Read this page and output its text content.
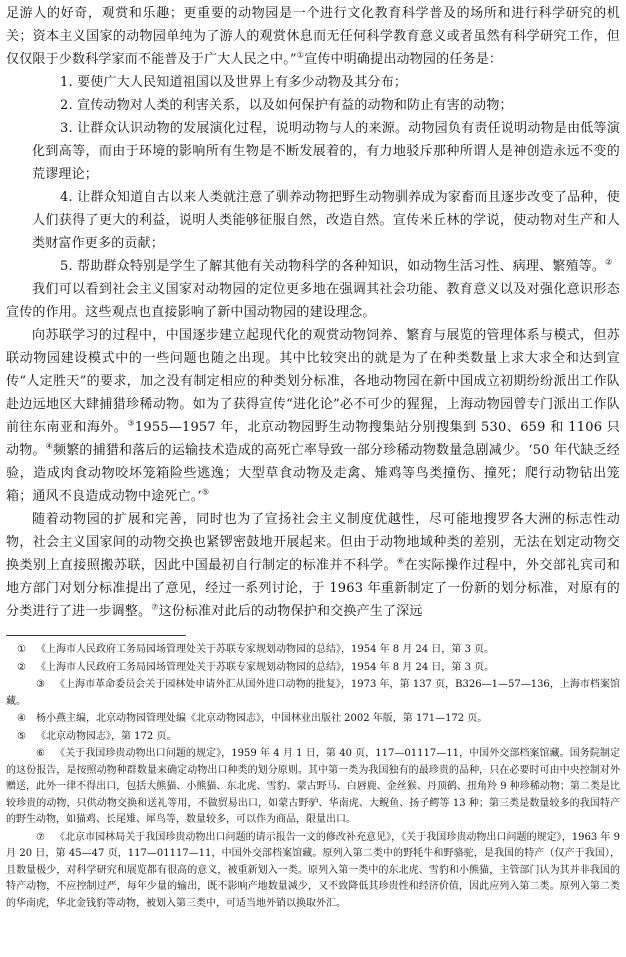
足游人的好奇，观赏和乐趣；更重要的动物园是一个进行文化教育科学普及的场所和进行科学研究的机关；资本主义国家的动物园单纯为了游人的观赏休息而无任何科学教育意义或者虽然有科学研究工作，但仅仅限于少数科学家而不能普及于广大人民之中。”①宣传中明确提出动物园的任务是：

1. 要使广大人民知道祖国以及世界上有多少动物及其分布；

2. 宣传动物对人类的利害关系，以及如何保护有益的动物和防止有害的动物；

3. 让群众认识动物的发展演化过程，说明动物与人的来源。动物园负有责任说明动物是由低等演化到高等，而由于环境的影响所有生物是不断发展着的，有力地驳斥那种所谓人是神创造永远不变的荒谬理论；

4. 让群众知道自古以来人类就注意了驯养动物把野生动物驯养成为家畜而且逐步改变了品种，使人们获得了更大的利益，说明人类能够征服自然，改造自然。宣传米丘林的学说，使动物对生产和人类财富作更多的贡献；

5. 帮助群众特别是学生了解其他有关动物科学的各种知识，如动物生活习性、病理、繁殖等。②

我们可以看到社会主义国家对动物园的定位更多地在强调其社会功能、教育意义以及对强化意识形态宣传的作用。这些观点也直接影响了新中国动物园的建设理念。

向苏联学习的过程中，中国逐步建立起现代化的观赏动物饲养、繁育与展览的管理体系与模式，但苏联动物园建设模式中的一些问题也随之出现。其中比较突出的就是为了在种类数量上求大求全和达到宣传“人定胜天”的要求，加之没有制定相应的种类划分标准，各地动物园在新中国成立初期纷纷派出工作队赴边远地区大肆捕猎珍稀动物。如为了获得宣传“进化论”必不可少的猩猩，上海动物园曾专门派出工作队前往东南亚和海外。③1955—1957 年，北京动物园野生动物搜集站分别搜集到 530、659 和 1106 只动物。④频繁的捕猎和落后的运输技术造成的高死亡率导致一部分珍稀动物数量急剧减少。‘50 年代缺乏经验，造成肉食动物咬坏笼箱险些逃逸；大型草食动物及走禽、雉鸡等鸟类撞伤、撞死；爬行动物钻出笼箱；通风不良造成动物中途死亡。’⑤

随着动物园的扩展和完善，同时也为了宣扬社会主义制度优越性，尽可能地搜罗各大洲的标志性动物，社会主义国家间的动物交换也紧锣密鼓地开展起来。但由于动物地域种类的差别，无法在划定动物交换类别上直接照搬苏联，因此中国最初自行制定的标准并不科学。⑥在实际操作过程中，外交部礼宾司和地方部门对划分标准提出了意见，经过一系列讨论，于 1963 年重新制定了一份新的划分标准，对原有的分类进行了进一步调整。⑦这份标准对此后的动物保护和交换产生了深远

①	《上海市人民政府工务局园场管理处关于苏联专家规划动物园的总结》，1954 年 8 月 24 日，第 3 页。
②	《上海市人民政府工务局园场管理处关于苏联专家规划动物园的总结》，1954 年 8 月 24 日，第 3 页。
③ 《上海市革命委员会关于园林处申请外汇从国外进口动物的批复》，1973 年，第 137 页，B326—1—57—136，上海市档案馆藏。
④	杨小燕主编，北京动物园管理处编《北京动物园志》，中国林业出版社 2002 年版，第 171—172 页。
⑤	《北京动物园志》，第 172 页。
⑥ 《关于我国珍贵动物出口问题的规定》，1959 年 4 月 1 日，第 40 页，117—01117—11，中国外交部档案馆藏。国务院制定的这份报告，是按照动物种群数量来确定动物出口种类的划分原则。其中第一类为我国独有的最珍贵的品种，只在必要时可由中央控制对外赠送，此外一律不得出口，包括大熊猫、小熊猫、东北虎、雪豹、蒙古野马、白唇鹿、金丝猴、丹顶鹤、扭角羚 9 种珍稀动物；第二类是比较珍贵的动物，只供动物交换和送礼等用，不做贸易出口，如蒙古野驴、华南虎、大鲵鱼、扬子鳄等 13 种；第三类是数量较多的我国特产的野生动物，如猫鸡、长尾雉、犀鸟等，数量较多，可以作为商品，限量出口。
⑦ 《北京市园林局关于我国珍贵动物出口问题的请示报告一文的修改补充意见》，《关于我国珍贵动物出口问题的规定》，1963 年 9 月 20 日，第 45—47 页，117—01117—11，中国外交部档案馆藏。原列入第二类中的野牦牛和野骆驼，是我国的特产（仅产于我国），且数量极少，对科学研究和展览都有很高的意义，被重新划入一类。原列入第一类中的东北虎、雪豹和小熊猫，主管部门认为其并非我国的特产动物，不应控制过严，每年少量的输出，既不影响产地数量减少，又不致降低其珍贵性和经济价值，因此应列入第二类。原列入第二类的华南虎，华北金钱豹等动物，被划入第三类中，可适当地外销以换取外汇。
